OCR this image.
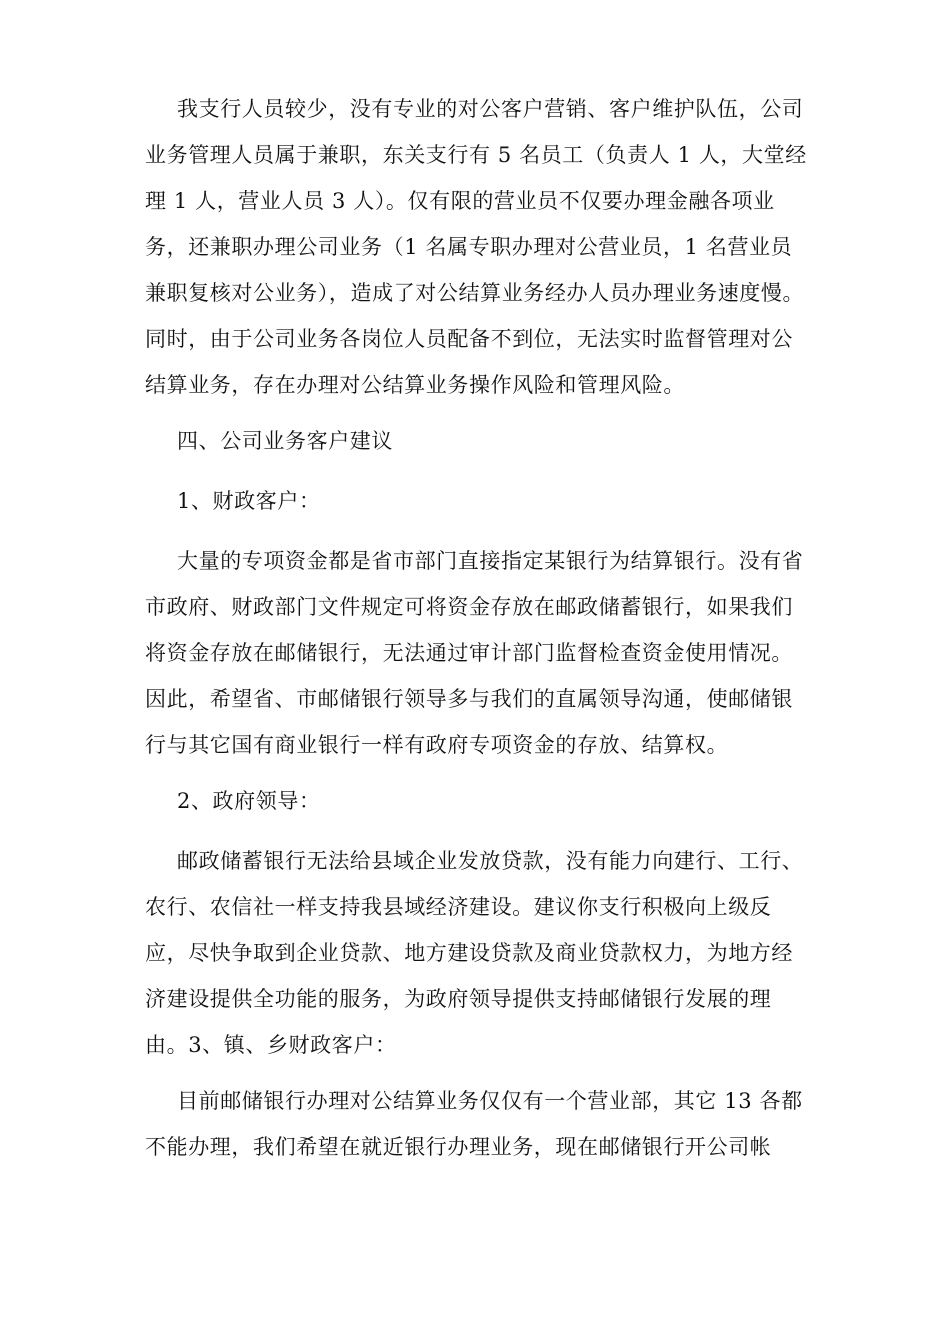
我支行人员较少，没有专业的对公客户营销、客户维护队伍，公司业务管理人员属于兼职，东关支行有 5 名员工（负责人 1 人，大堂经理 1 人，营业人员 3 人）。仅有限的营业员不仅要办理金融各项业务，还兼职办理公司业务（1 名属专职办理对公营业员，1 名营业员兼职复核对公业务），造成了对公结算业务经办人员办理业务速度慢。同时，由于公司业务各岗位人员配备不到位，无法实时监督管理对公结算业务，存在办理对公结算业务操作风险和管理风险。

四、公司业务客户建议

1、财政客户：

大量的专项资金都是省市部门直接指定某银行为结算银行。没有省市政府、财政部门文件规定可将资金存放在邮政储蓄银行，如果我们将资金存放在邮储银行，无法通过审计部门监督检查资金使用情况。因此，希望省、市邮储银行领导多与我们的直属领导沟通，使邮储银行与其它国有商业银行一样有政府专项资金的存放、结算权。

2、政府领导：

邮政储蓄银行无法给县域企业发放贷款，没有能力向建行、工行、农行、农信社一样支持我县域经济建设。建议你支行积极向上级反应，尽快争取到企业贷款、地方建设贷款及商业贷款权力，为地方经济建设提供全功能的服务，为政府领导提供支持邮储银行发展的理由。3、镇、乡财政客户：

目前邮储银行办理对公结算业务仅仅有一个营业部，其它 13 各都不能办理，我们希望在就近银行办理业务，现在邮储银行开公司帐
